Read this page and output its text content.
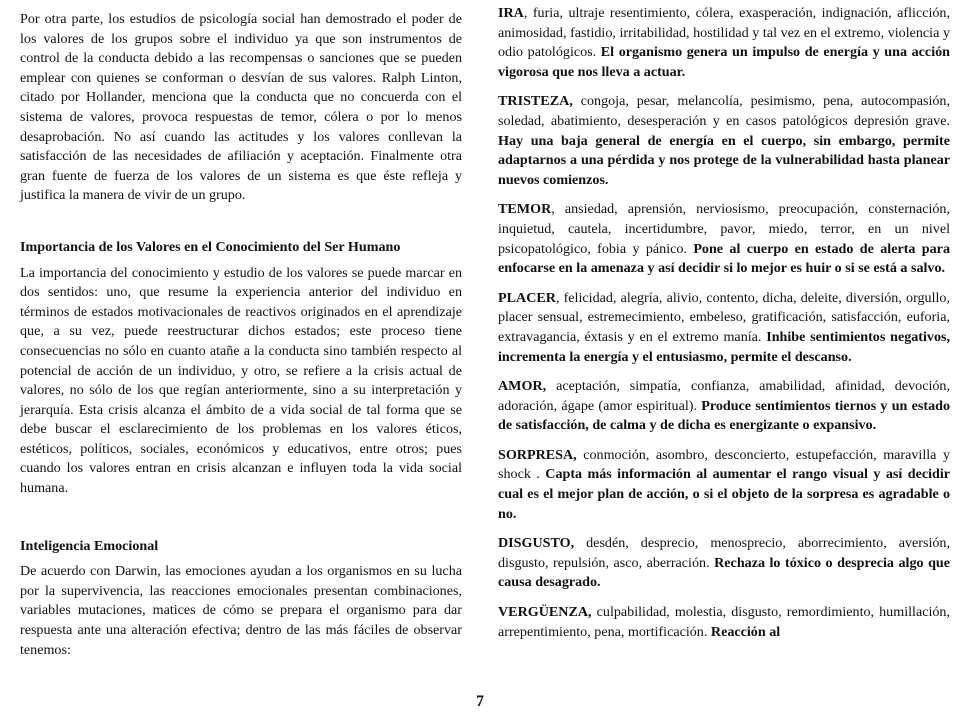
Por otra parte, los estudios de psicología social han demostrado el poder de los valores de los grupos sobre el individuo ya que son instrumentos de control de la conducta debido a las recompensas o sanciones que se pueden emplear con quienes se conforman o desvían de sus valores. Ralph Linton, citado por Hollander, menciona que la conducta que no concuerda con el sistema de valores, provoca respuestas de temor, cólera o por lo menos desaprobación. No así cuando las actitudes y los valores conllevan la satisfacción de las necesidades de afiliación y aceptación. Finalmente otra gran fuente de fuerza de los valores de un sistema es que éste refleja y justifica la manera de vivir de un grupo.

Importancia de los Valores en el Conocimiento del Ser Humano

La importancia del conocimiento y estudio de los valores se puede marcar en dos sentidos: uno, que resume la experiencia anterior del individuo en términos de estados motivacionales de reactivos originados en el aprendizaje que, a su vez, puede reestructurar dichos estados; este proceso tiene consecuencias no sólo en cuanto atañe a la conducta sino también respecto al potencial de acción de un individuo, y otro, se refiere a la crisis actual de valores, no sólo de los que regían anteriormente, sino a su interpretación y jerarquía. Esta crisis alcanza el ámbito de a vida social de tal forma que se debe buscar el esclarecimiento de los problemas en los valores éticos, estéticos, políticos, sociales, económicos y educativos, entre otros; pues cuando los valores entran en crisis alcanzan e influyen toda la vida social humana.

Inteligencia Emocional

De acuerdo con Darwin, las emociones ayudan a los organismos en su lucha por la supervivencia, las reacciones emocionales presentan combinaciones, variables mutaciones, matices de cómo se prepara el organismo para dar respuesta ante una alteración efectiva; dentro de las más fáciles de observar tenemos:

IRA, furia, ultraje resentimiento, cólera, exasperación, indignación, aflicción, animosidad, fastidio, irritabilidad, hostilidad y tal vez en el extremo, violencia y odio patológicos. El organismo genera un impulso de energía y una acción vigorosa que nos lleva a actuar.

TRISTEZA, congoja, pesar, melancolía, pesimismo, pena, autocompasión, soledad, abatimiento, desesperación y en casos patológicos depresión grave. Hay una baja general de energía en el cuerpo, sin embargo, permite adaptarnos a una pérdida y nos protege de la vulnerabilidad hasta planear nuevos comienzos.

TEMOR, ansiedad, aprensión, nerviosismo, preocupación, consternación, inquietud, cautela, incertidumbre, pavor, miedo, terror, en un nivel psicopatológico, fobia y pánico. Pone al cuerpo en estado de alerta para enfocarse en la amenaza y así decidir si lo mejor es huir o si se está a salvo.

PLACER, felicidad, alegría, alivio, contento, dicha, deleite, diversión, orgullo, placer sensual, estremecimiento, embeleso, gratificación, satisfacción, euforia, extravagancia, éxtasis y en el extremo manía. Inhibe sentimientos negativos, incrementa la energía y el entusiasmo, permite el descanso.

AMOR, aceptación, simpatía, confianza, amabilidad, afinidad, devoción, adoración, ágape (amor espiritual). Produce sentimientos tiernos y un estado de satisfacción, de calma y de dicha es energizante o expansivo.

SORPRESA, conmoción, asombro, desconcierto, estupefacción, maravilla y shock . Capta más información al aumentar el rango visual y así decidir cual es el mejor plan de acción, o si el objeto de la sorpresa es agradable o no.

DISGUSTO, desdén, desprecio, menosprecio, aborrecimiento, aversión, disgusto, repulsión, asco, aberración. Rechaza lo tóxico o desprecia algo que causa desagrado.

VERGÜENZA, culpabilidad, molestia, disgusto, remordimiento, humillación, arrepentimiento, pena, mortificación. Reacción al

7
